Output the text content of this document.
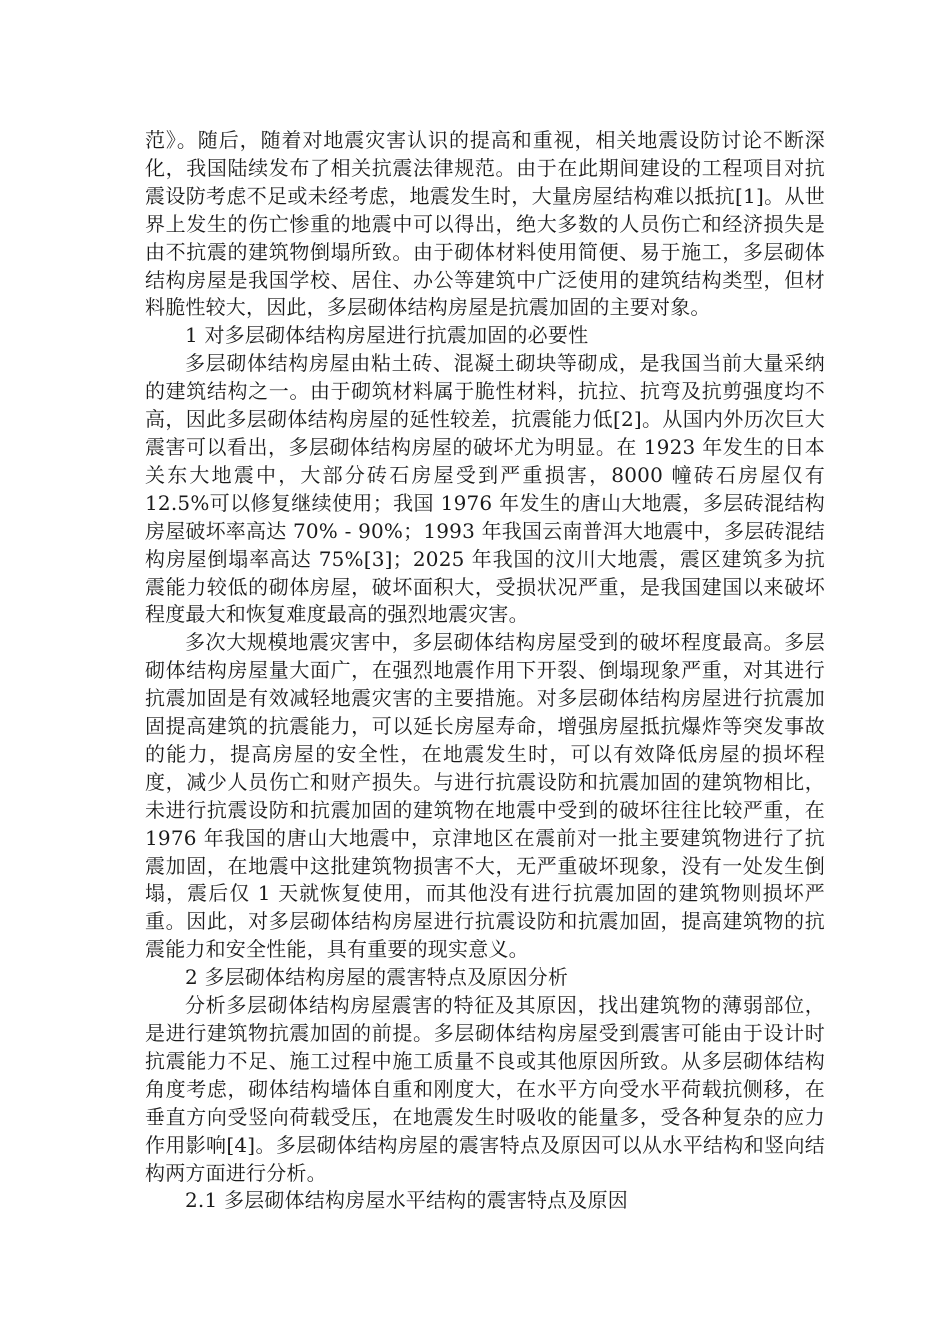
范》。随后，随着对地震灾害认识的提高和重视，相关地震设防讨论不断深化，我国陆续发布了相关抗震法律规范。由于在此期间建设的工程项目对抗震设防考虑不足或未经考虑，地震发生时，大量房屋结构难以抵抗[1]。从世界上发生的伤亡惨重的地震中可以得出，绝大多数的人员伤亡和经济损失是由不抗震的建筑物倒塌所致。由于砌体材料使用简便、易于施工，多层砌体结构房屋是我国学校、居住、办公等建筑中广泛使用的建筑结构类型，但材料脆性较大，因此，多层砌体结构房屋是抗震加固的主要对象。

1 对多层砌体结构房屋进行抗震加固的必要性

多层砌体结构房屋由粘土砖、混凝土砌块等砌成，是我国当前大量采纳的建筑结构之一。由于砌筑材料属于脆性材料，抗拉、抗弯及抗剪强度均不高，因此多层砌体结构房屋的延性较差，抗震能力低[2]。从国内外历次巨大震害可以看出，多层砌体结构房屋的破坏尤为明显。在 1923 年发生的日本关东大地震中，大部分砖石房屋受到严重损害，8000 幢砖石房屋仅有 12.5%可以修复继续使用；我国 1976 年发生的唐山大地震，多层砖混结构房屋破坏率高达 70% - 90%；1993 年我国云南普洱大地震中，多层砖混结构房屋倒塌率高达 75%[3]；2025 年我国的汶川大地震，震区建筑多为抗震能力较低的砌体房屋，破坏面积大，受损状况严重，是我国建国以来破坏程度最大和恢复难度最高的强烈地震灾害。

多次大规模地震灾害中，多层砌体结构房屋受到的破坏程度最高。多层砌体结构房屋量大面广，在强烈地震作用下开裂、倒塌现象严重，对其进行抗震加固是有效减轻地震灾害的主要措施。对多层砌体结构房屋进行抗震加固提高建筑的抗震能力，可以延长房屋寿命，增强房屋抵抗爆炸等突发事故的能力，提高房屋的安全性，在地震发生时，可以有效降低房屋的损坏程度，减少人员伤亡和财产损失。与进行抗震设防和抗震加固的建筑物相比，未进行抗震设防和抗震加固的建筑物在地震中受到的破坏往往比较严重，在 1976 年我国的唐山大地震中，京津地区在震前对一批主要建筑物进行了抗震加固，在地震中这批建筑物损害不大，无严重破坏现象，没有一处发生倒塌，震后仅 1 天就恢复使用，而其他没有进行抗震加固的建筑物则损坏严重。因此，对多层砌体结构房屋进行抗震设防和抗震加固，提高建筑物的抗震能力和安全性能，具有重要的现实意义。

2 多层砌体结构房屋的震害特点及原因分析

分析多层砌体结构房屋震害的特征及其原因，找出建筑物的薄弱部位，是进行建筑物抗震加固的前提。多层砌体结构房屋受到震害可能由于设计时抗震能力不足、施工过程中施工质量不良或其他原因所致。从多层砌体结构角度考虑，砌体结构墙体自重和刚度大，在水平方向受水平荷载抗侧移，在垂直方向受竖向荷载受压，在地震发生时吸收的能量多，受各种复杂的应力作用影响[4]。多层砌体结构房屋的震害特点及原因可以从水平结构和竖向结构两方面进行分析。

2.1 多层砌体结构房屋水平结构的震害特点及原因
